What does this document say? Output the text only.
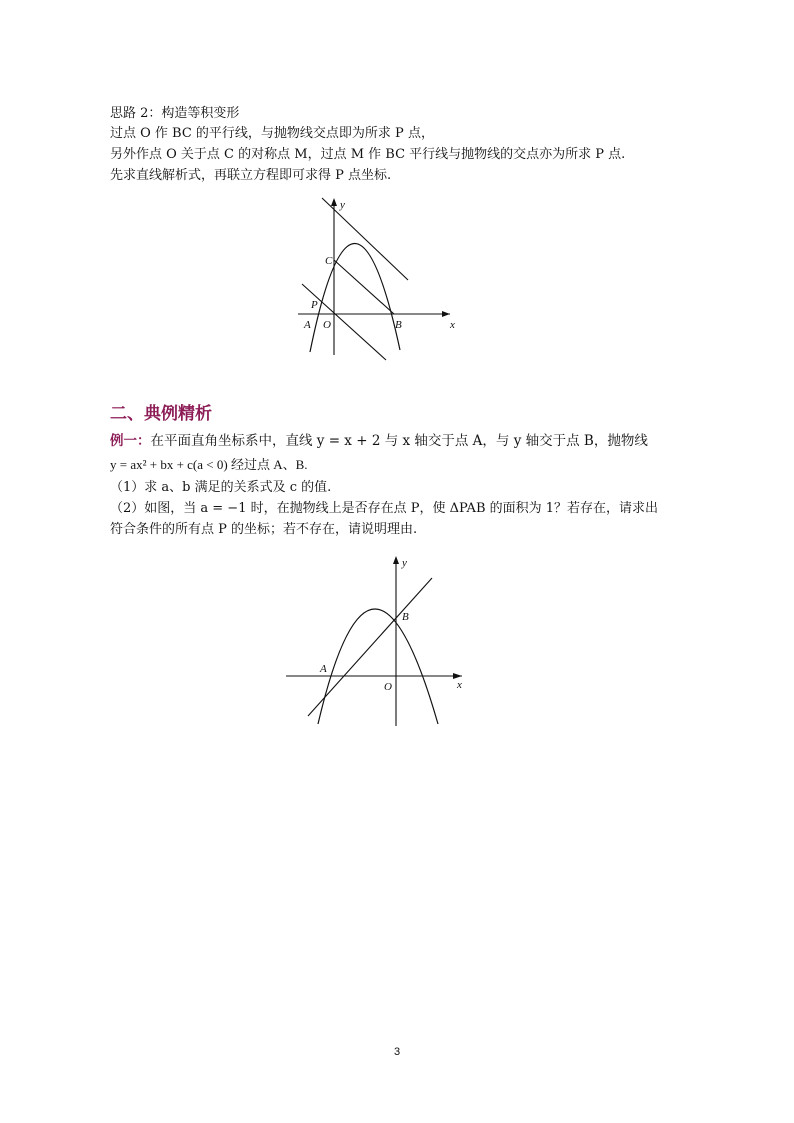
思路 2：构造等积变形
过点 O 作 BC 的平行线，与抛物线交点即为所求 P 点，
另外作点 O 关于点 C 的对称点 M，过点 M 作 BC 平行线与抛物线的交点亦为所求 P 点.
先求直线解析式，再联立方程即可求得 P 点坐标.
y
x
C
P
A O	B
二、典例精析
例一：在平面直角坐标系中，直线 y = x + 2 与 x 轴交于点 A，与 y 轴交于点 B，抛物线
y = ax² + bx + c(a < 0) 经过点 A、B.
（1）求 a、b 满足的关系式及 c 的值.
（2）如图，当 a = −1 时，在抛物线上是否存在点 P，使 ΔPAB 的面积为 1？若存在，请求出
符合条件的所有点 P 的坐标；若不存在，请说明理由.
y
x
B
A
O
3
